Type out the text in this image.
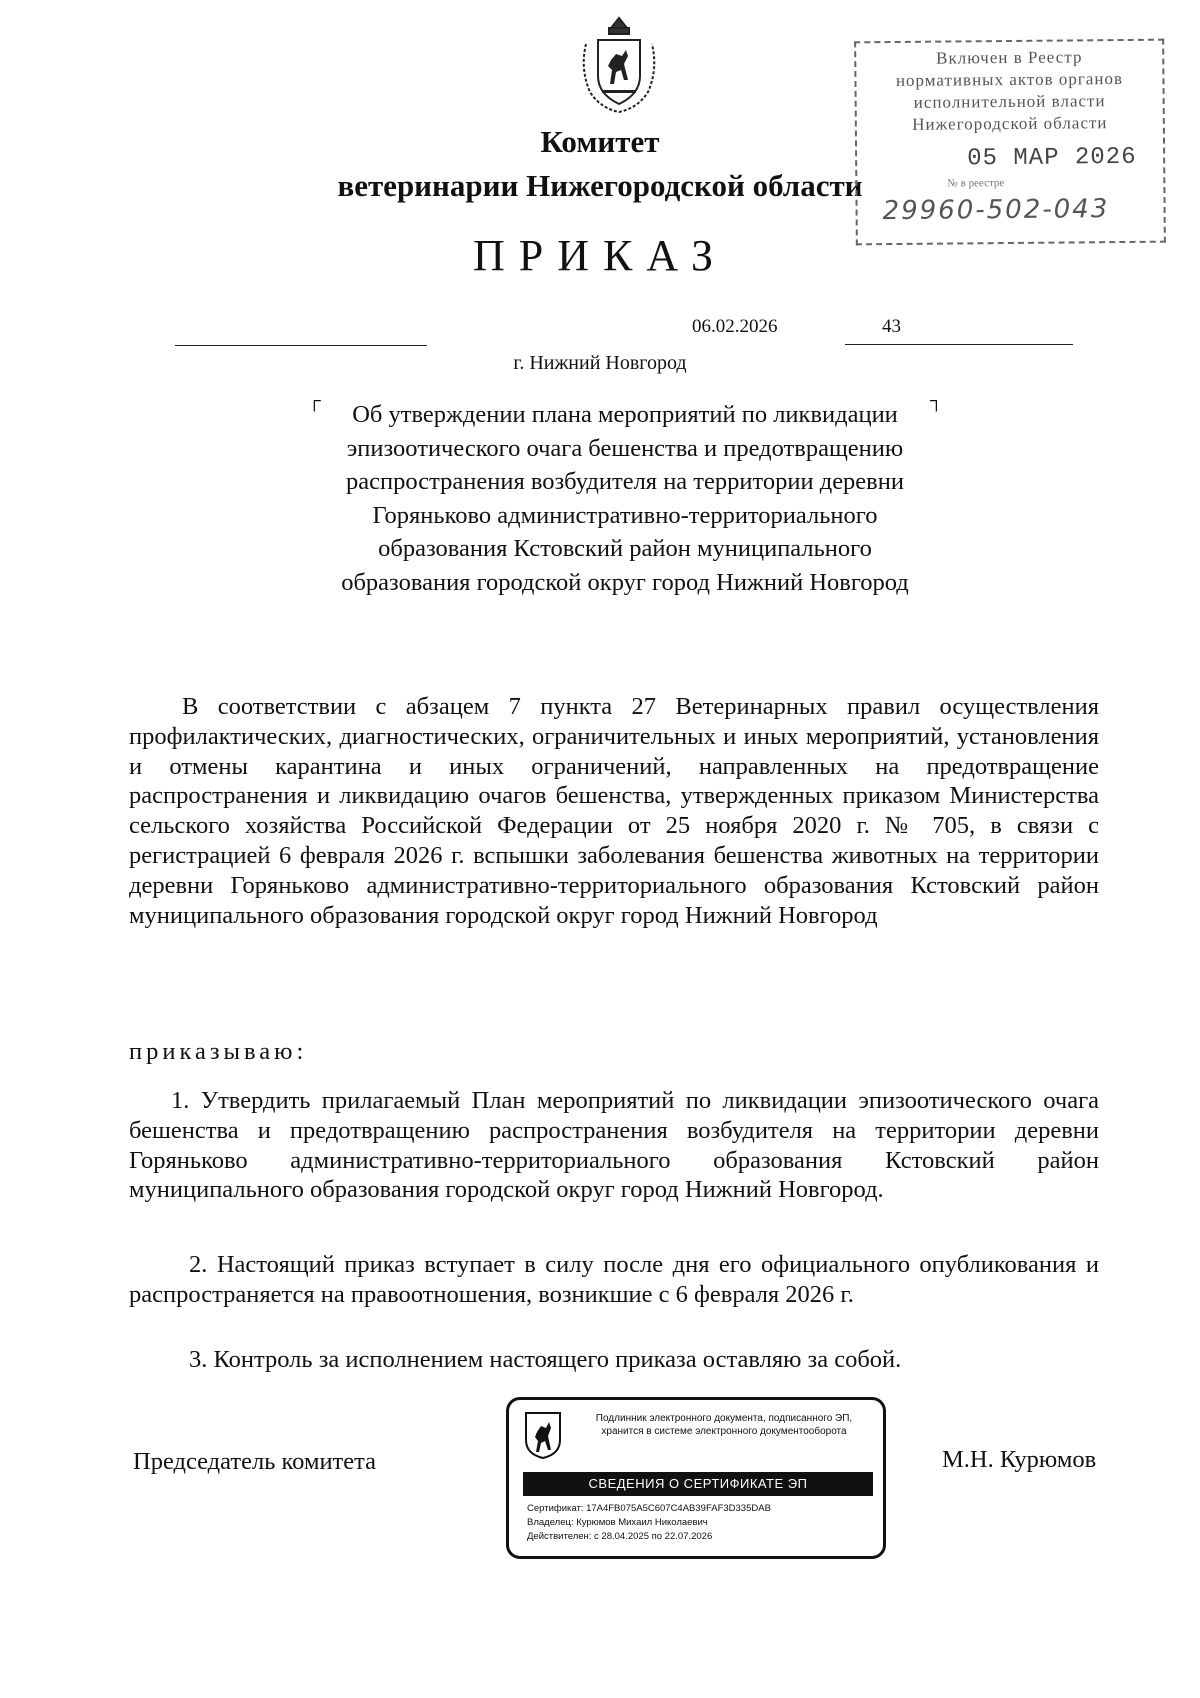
Комитет
ветеринарии Нижегородской области
ПРИКАЗ
Включен в Реестр
нормативных актов органов
исполнительной власти
Нижегородской области
05 МАР 2026
№ в реестре
29960-502-043
06.02.2026	43
г. Нижний Новгород
┌	┐
Об утверждении плана мероприятий по ликвидации эпизоотического очага бешенства и предотвращению распространения возбудителя на территории деревни Горяньково административно-территориального образования Кстовский район муниципального образования городской округ город Нижний Новгород
В соответствии с абзацем 7 пункта 27 Ветеринарных правил осуществления профилактических, диагностических, ограничительных и иных мероприятий, установления и отмены карантина и иных ограничений, направленных на предотвращение распространения и ликвидацию очагов бешенства, утвержденных приказом Министерства сельского хозяйства Российской Федерации от 25 ноября 2020 г. № 705, в связи с регистрацией 6 февраля 2026 г. вспышки заболевания бешенства животных на территории деревни Горяньково административно-территориального образования Кстовский район муниципального образования городской округ город Нижний Новгород
приказываю:
1. Утвердить прилагаемый План мероприятий по ликвидации эпизоотического очага бешенства и предотвращению распространения возбудителя на территории деревни Горяньково административно-территориального образования Кстовский район муниципального образования городской округ город Нижний Новгород.
2. Настоящий приказ вступает в силу после дня его официального опубликования и распространяется на правоотношения, возникшие с 6 февраля 2026 г.
3. Контроль за исполнением настоящего приказа оставляю за собой.
Председатель комитета	М.Н. Курюмов
Подлинник электронного документа, подписанного ЭП,
хранится в системе электронного документооборота
СВЕДЕНИЯ О СЕРТИФИКАТЕ ЭП
Сертификат: 17A4FB075A5C607C4AB39FAF3D335DAB
Владелец: Курюмов Михаил Николаевич
Действителен: с 28.04.2025 по 22.07.2026
